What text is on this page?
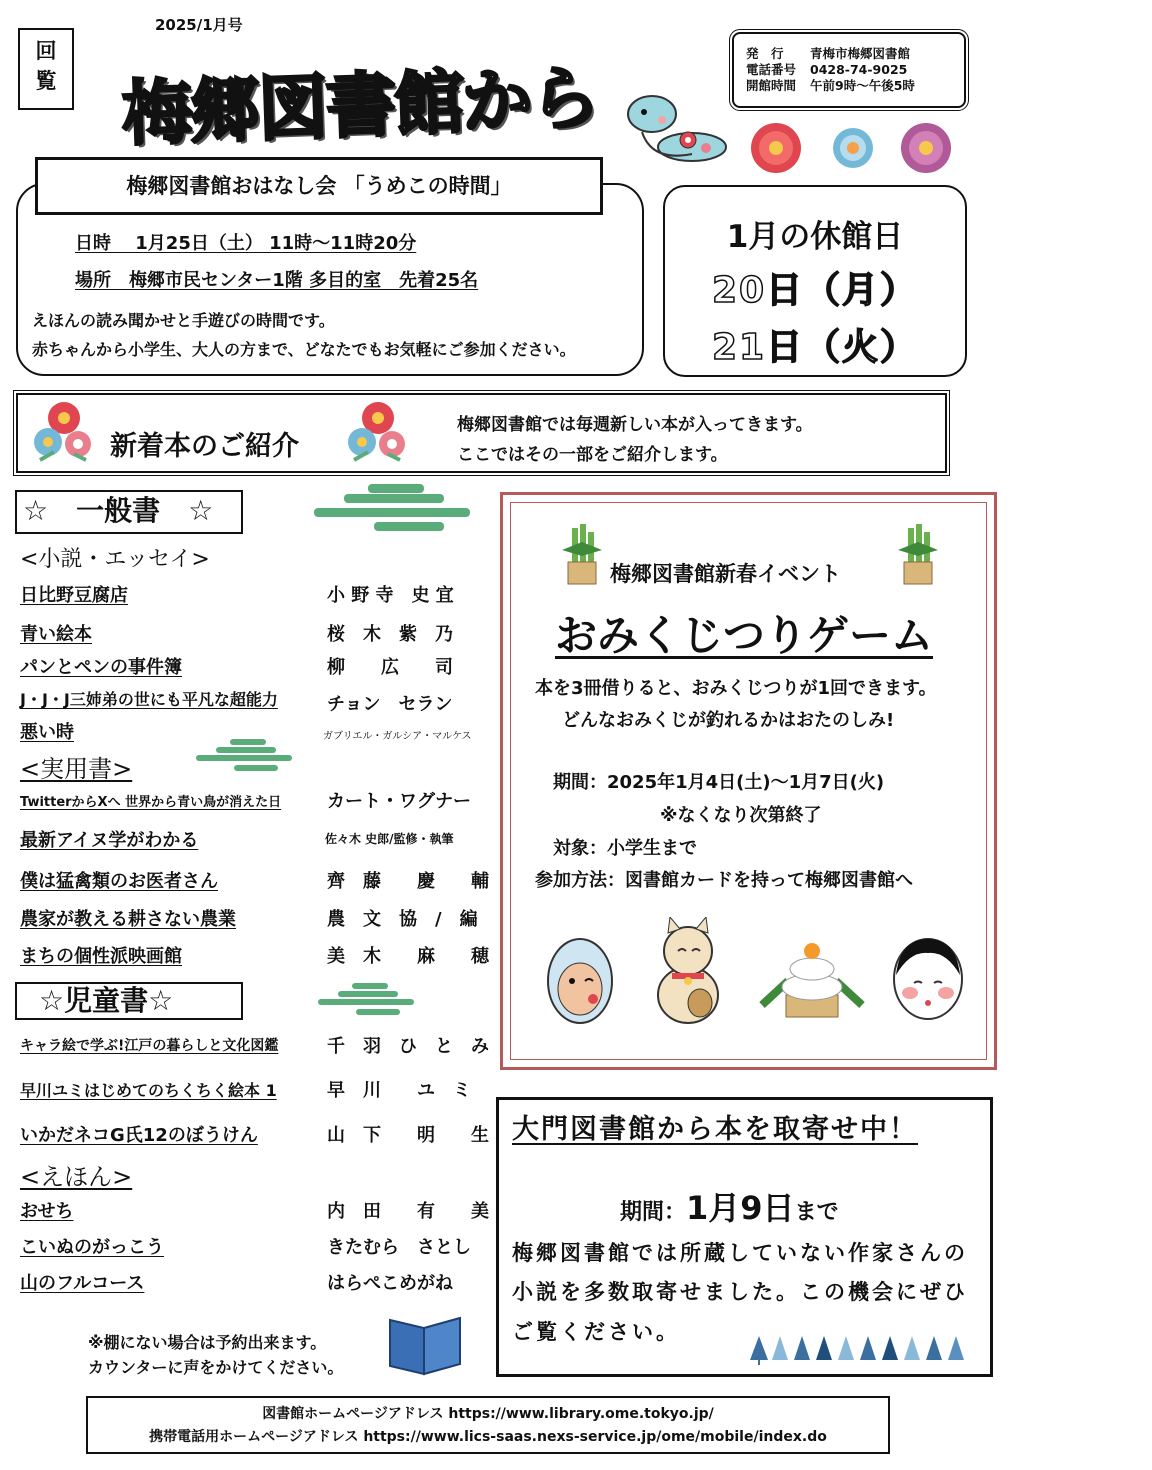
2025/1月号
回
覧 梅郷図書館から
発　行 青梅市梅郷図書館
電話番号 0428-74-9025
開館時間 午前9時～午後5時
梅郷図書館おはなし会 「うめこの時間」
日時　 1月25日（土） 11時～11時20分
場所　梅郷市民センター1階 多目的室　先着25名
えほんの読み聞かせと手遊びの時間です。
赤ちゃんから小学生、大人の方まで、どなたでもお気軽にご参加ください。
1月の休館日
20日（月）
21日（火）
新着本のご紹介
梅郷図書館では毎週新しい本が入ってきます。
ここではその一部をご紹介します。
☆　一般書　☆
<小説・エッセイ>
日比野豆腐店	小 野 寺　史 宜
青い絵本	桜　木　紫　乃
パンとペンの事件簿	柳　　広　　司
J・J・J三姉弟の世にも平凡な超能力	チョン　セラン
悪い時	ガブリエル・ガルシア・マルケス
<実用書>
TwitterからXへ 世界から青い鳥が消えた日	カート・ワグナー
最新アイヌ学がわかる	佐々木 史郎/監修・執筆
僕は猛禽類のお医者さん	齊　藤　　慶　　輔
農家が教える耕さない農業	農　文　協　/　編
まちの個性派映画館	美　木　　麻　　穂
☆児童書☆
キャラ絵で学ぶ!江戸の暮らしと文化図鑑	千　羽　ひ　と　み
早川ユミはじめてのちくちく絵本 1	早　川　　ユ　ミ
いかだネコG氏12のぼうけん	山　下　　明　　生
<えほん>
おせち	内　田　　有　　美
こいぬのがっこう	きたむら　さとし
山のフルコース	はらぺこめがね
梅郷図書館新春イベント
おみくじつりゲーム
本を3冊借りると、おみくじつりが1回できます。
どんなおみくじが釣れるかはおたのしみ!
期間：2025年1月4日(土)～1月7日(火)
※なくなり次第終了
対象：小学生まで
参加方法：図書館カードを持って梅郷図書館へ
大門図書館から本を取寄せ中！
期間：1月9日まで
梅郷図書館では所蔵していない作家さんの
小説を多数取寄せました。この機会にぜひ
ご覧ください。
※棚にない場合は予約出来ます。
カウンターに声をかけてください。
図書館ホームページアドレス https://www.library.ome.tokyo.jp/
携帯電話用ホームページアドレス https://www.lics-saas.nexs-service.jp/ome/mobile/index.do
